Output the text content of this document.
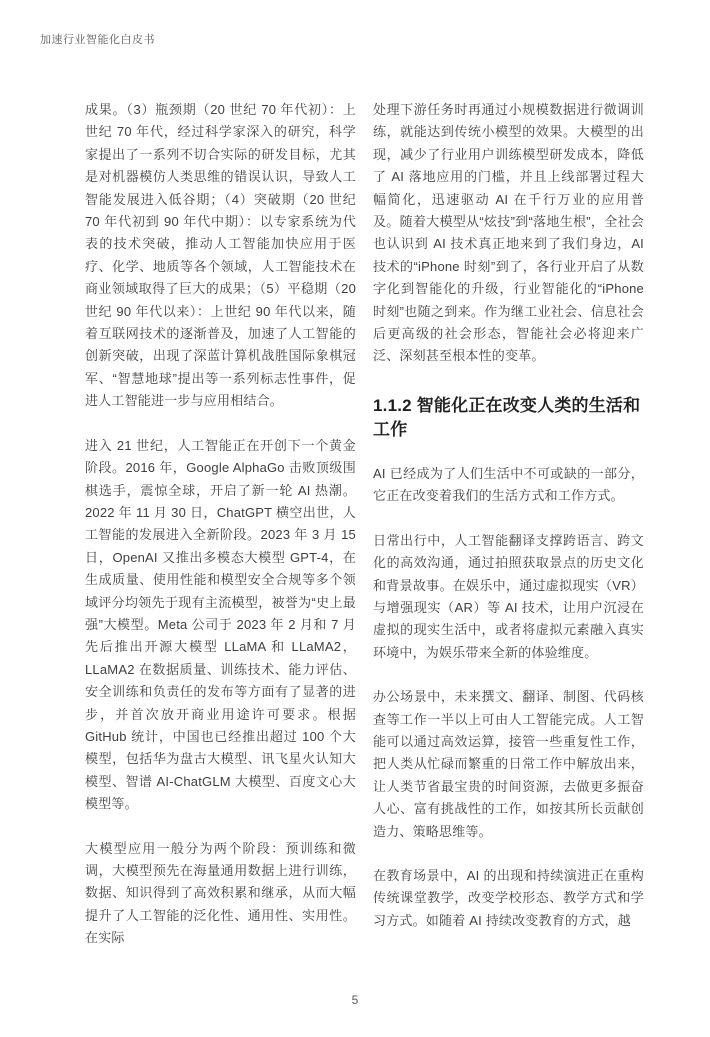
加速行业智能化白皮书

成果。（3）瓶颈期（20 世纪 70 年代初）：上世纪 70 年代，经过科学家深入的研究，科学家提出了一系列不切合实际的研发目标，尤其是对机器模仿人类思维的错误认识，导致人工智能发展进入低谷期；（4）突破期（20 世纪 70 年代初到 90 年代中期）：以专家系统为代表的技术突破，推动人工智能加快应用于医疗、化学、地质等各个领域，人工智能技术在商业领域取得了巨大的成果；（5）平稳期（20 世纪 90 年代以来）：上世纪 90 年代以来，随着互联网技术的逐渐普及，加速了人工智能的创新突破，出现了深蓝计算机战胜国际象棋冠军、“智慧地球”提出等一系列标志性事件，促进人工智能进一步与应用相结合。

进入 21 世纪，人工智能正在开创下一个黄金阶段。2016 年，Google AlphaGo 击败顶级围棋选手，震惊全球，开启了新一轮 AI 热潮。2022 年 11 月 30 日，ChatGPT 横空出世，人工智能的发展进入全新阶段。2023 年 3 月 15 日，OpenAI 又推出多模态大模型 GPT-4，在生成质量、使用性能和模型安全合规等多个领域评分均领先于现有主流模型，被誉为“史上最强”大模型。Meta 公司于 2023 年 2 月和 7 月先后推出开源大模型 LLaMA 和 LLaMA2，LLaMA2 在数据质量、训练技术、能力评估、安全训练和负责任的发布等方面有了显著的进步，并首次放开商业用途许可要求。根据 GitHub 统计，中国也已经推出超过 100 个大模型，包括华为盘古大模型、讯飞星火认知大模型、智谱 AI-ChatGLM 大模型、百度文心大模型等。

大模型应用一般分为两个阶段：预训练和微调，大模型预先在海量通用数据上进行训练，数据、知识得到了高效积累和继承，从而大幅提升了人工智能的泛化性、通用性、实用性。在实际

处理下游任务时再通过小规模数据进行微调训练，就能达到传统小模型的效果。大模型的出现，减少了行业用户训练模型研发成本，降低了 AI 落地应用的门槛，并且上线部署过程大幅简化，迅速驱动 AI 在千行万业的应用普及。随着大模型从“炫技”到“落地生根”，全社会也认识到 AI 技术真正地来到了我们身边，AI 技术的“iPhone 时刻”到了，各行业开启了从数字化到智能化的升级，行业智能化的“iPhone 时刻”也随之到来。作为继工业社会、信息社会后更高级的社会形态，智能社会必将迎来广泛、深刻甚至根本性的变革。

1.1.2 智能化正在改变人类的生活和工作

AI 已经成为了人们生活中不可或缺的一部分，它正在改变着我们的生活方式和工作方式。

日常出行中，人工智能翻译支撑跨语言、跨文化的高效沟通，通过拍照获取景点的历史文化和背景故事。在娱乐中，通过虚拟现实（VR）与增强现实（AR）等 AI 技术，让用户沉浸在虚拟的现实生活中，或者将虚拟元素融入真实环境中，为娱乐带来全新的体验维度。

办公场景中，未来撰文、翻译、制图、代码核查等工作一半以上可由人工智能完成。人工智能可以通过高效运算，接管一些重复性工作，把人类从忙碌而繁重的日常工作中解放出来，让人类节省最宝贵的时间资源，去做更多振奋人心、富有挑战性的工作，如按其所长贡献创造力、策略思维等。

在教育场景中，AI 的出现和持续演进正在重构传统课堂教学，改变学校形态、教学方式和学习方式。如随着 AI 持续改变教育的方式，越

5
